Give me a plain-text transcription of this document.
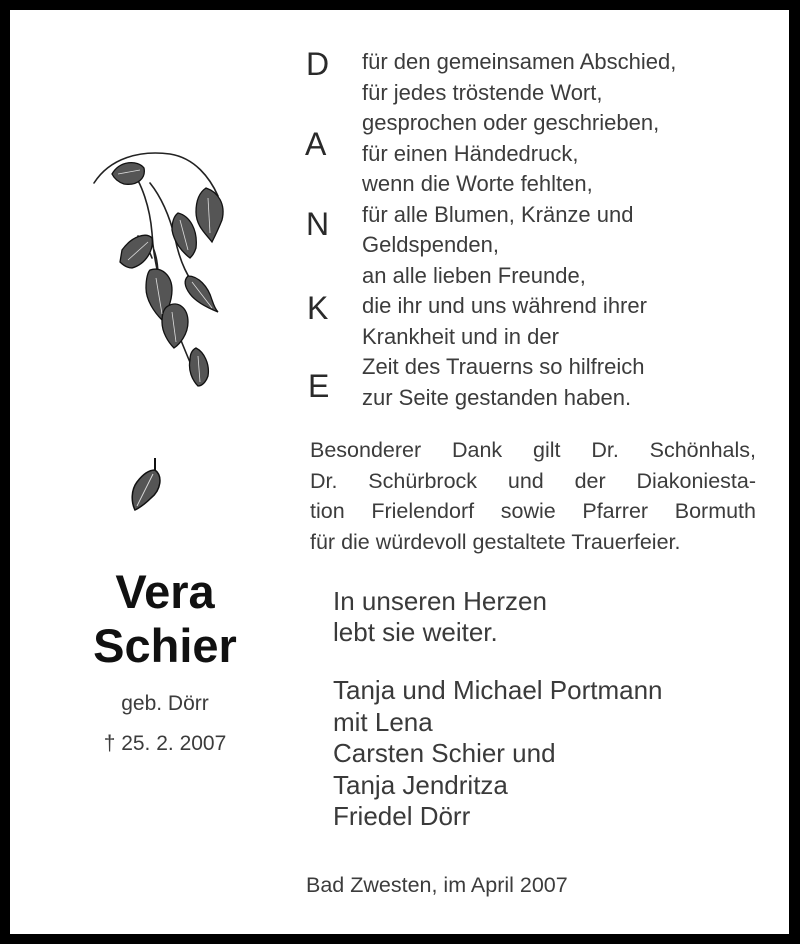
D
A
N
K
E
für den gemeinsamen Abschied,
für jedes tröstende Wort,
gesprochen oder geschrieben,
für einen Händedruck,
wenn die Worte fehlten,
für alle Blumen, Kränze und
Geldspenden,
an alle lieben Freunde,
die ihr und uns während ihrer
Krankheit und in der
Zeit des Trauerns so hilfreich
zur Seite gestanden haben.
Besonderer Dank gilt Dr. Schönhals,
Dr. Schürbrock und der Diakoniesta-
tion Frielendorf sowie Pfarrer Bormuth
für die würdevoll gestaltete Trauerfeier.
Vera
Schier
geb. Dörr
† 25. 2. 2007
In unseren Herzen
lebt sie weiter.
Tanja und Michael Portmann
mit Lena
Carsten Schier und
Tanja Jendritza
Friedel Dörr
Bad Zwesten, im April 2007
